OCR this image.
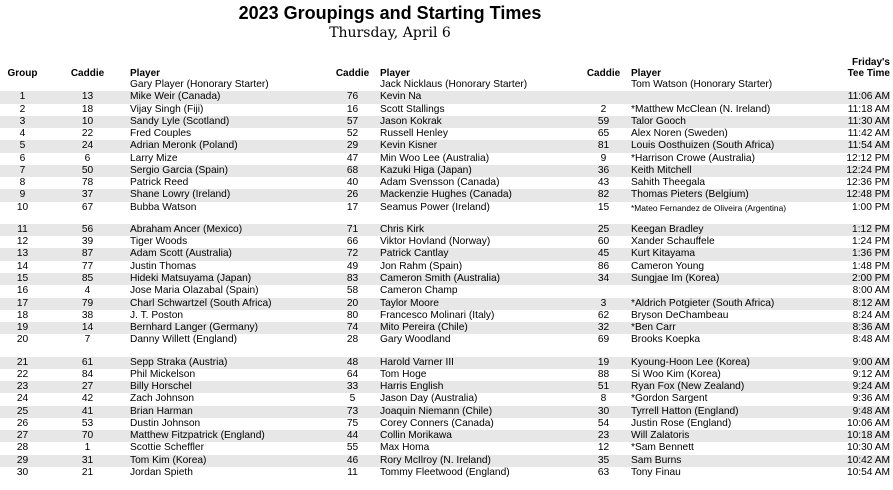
2023 Groupings and Starting Times
Thursday, April 6
Group	Caddie	Player	Caddie	Player	Caddie	Player	Friday's
Tee Time
		Gary Player (Honorary Starter)		Jack Nicklaus (Honorary Starter)		Tom Watson (Honorary Starter)	
1	13	Mike Weir (Canada)	76	Kevin Na			11:06 AM
2	18	Vijay Singh (Fiji)	16	Scott Stallings	2	*Matthew McClean (N. Ireland)	11:18 AM
3	10	Sandy Lyle (Scotland)	57	Jason Kokrak	59	Talor Gooch	11:30 AM
4	22	Fred Couples	52	Russell Henley	65	Alex Noren (Sweden)	11:42 AM
5	24	Adrian Meronk (Poland)	29	Kevin Kisner	81	Louis Oosthuizen (South Africa)	11:54 AM
6	6	Larry Mize	47	Min Woo Lee (Australia)	9	*Harrison Crowe (Australia)	12:12 PM
7	50	Sergio Garcia (Spain)	68	Kazuki Higa (Japan)	36	Keith Mitchell	12:24 PM
8	78	Patrick Reed	40	Adam Svensson (Canada)	43	Sahith Theegala	12:36 PM
9	37	Shane Lowry (Ireland)	26	Mackenzie Hughes (Canada)	82	Thomas Pieters (Belgium)	12:48 PM
10	67	Bubba Watson	17	Seamus Power (Ireland)	15	*Mateo Fernandez de Oliveira (Argentina)	1:00 PM

11	56	Abraham Ancer (Mexico)	71	Chris Kirk	25	Keegan Bradley	1:12 PM
12	39	Tiger Woods	66	Viktor Hovland (Norway)	60	Xander Schauffele	1:24 PM
13	87	Adam Scott (Australia)	72	Patrick Cantlay	45	Kurt Kitayama	1:36 PM
14	77	Justin Thomas	49	Jon Rahm (Spain)	86	Cameron Young	1:48 PM
15	85	Hideki Matsuyama (Japan)	83	Cameron Smith (Australia)	34	Sungjae Im (Korea)	2:00 PM
16	4	Jose Maria Olazabal (Spain)	58	Cameron Champ			8:00 AM
17	79	Charl Schwartzel (South Africa)	20	Taylor Moore	3	*Aldrich Potgieter (South Africa)	8:12 AM
18	38	J. T. Poston	80	Francesco Molinari (Italy)	62	Bryson DeChambeau	8:24 AM
19	14	Bernhard Langer (Germany)	74	Mito Pereira (Chile)	32	*Ben Carr	8:36 AM
20	7	Danny Willett (England)	28	Gary Woodland	69	Brooks Koepka	8:48 AM

21	61	Sepp Straka (Austria)	48	Harold Varner III	19	Kyoung-Hoon Lee (Korea)	9:00 AM
22	84	Phil Mickelson	64	Tom Hoge	88	Si Woo Kim (Korea)	9:12 AM
23	27	Billy Horschel	33	Harris English	51	Ryan Fox (New Zealand)	9:24 AM
24	42	Zach Johnson	5	Jason Day (Australia)	8	*Gordon Sargent	9:36 AM
25	41	Brian Harman	73	Joaquin Niemann (Chile)	30	Tyrrell Hatton (England)	9:48 AM
26	53	Dustin Johnson	75	Corey Conners (Canada)	54	Justin Rose (England)	10:06 AM
27	70	Matthew Fitzpatrick (England)	44	Collin Morikawa	23	Will Zalatoris	10:18 AM
28	1	Scottie Scheffler	55	Max Homa	12	*Sam Bennett	10:30 AM
29	31	Tom Kim (Korea)	46	Rory McIlroy (N. Ireland)	35	Sam Burns	10:42 AM
30	21	Jordan Spieth	11	Tommy Fleetwood (England)	63	Tony Finau	10:54 AM
